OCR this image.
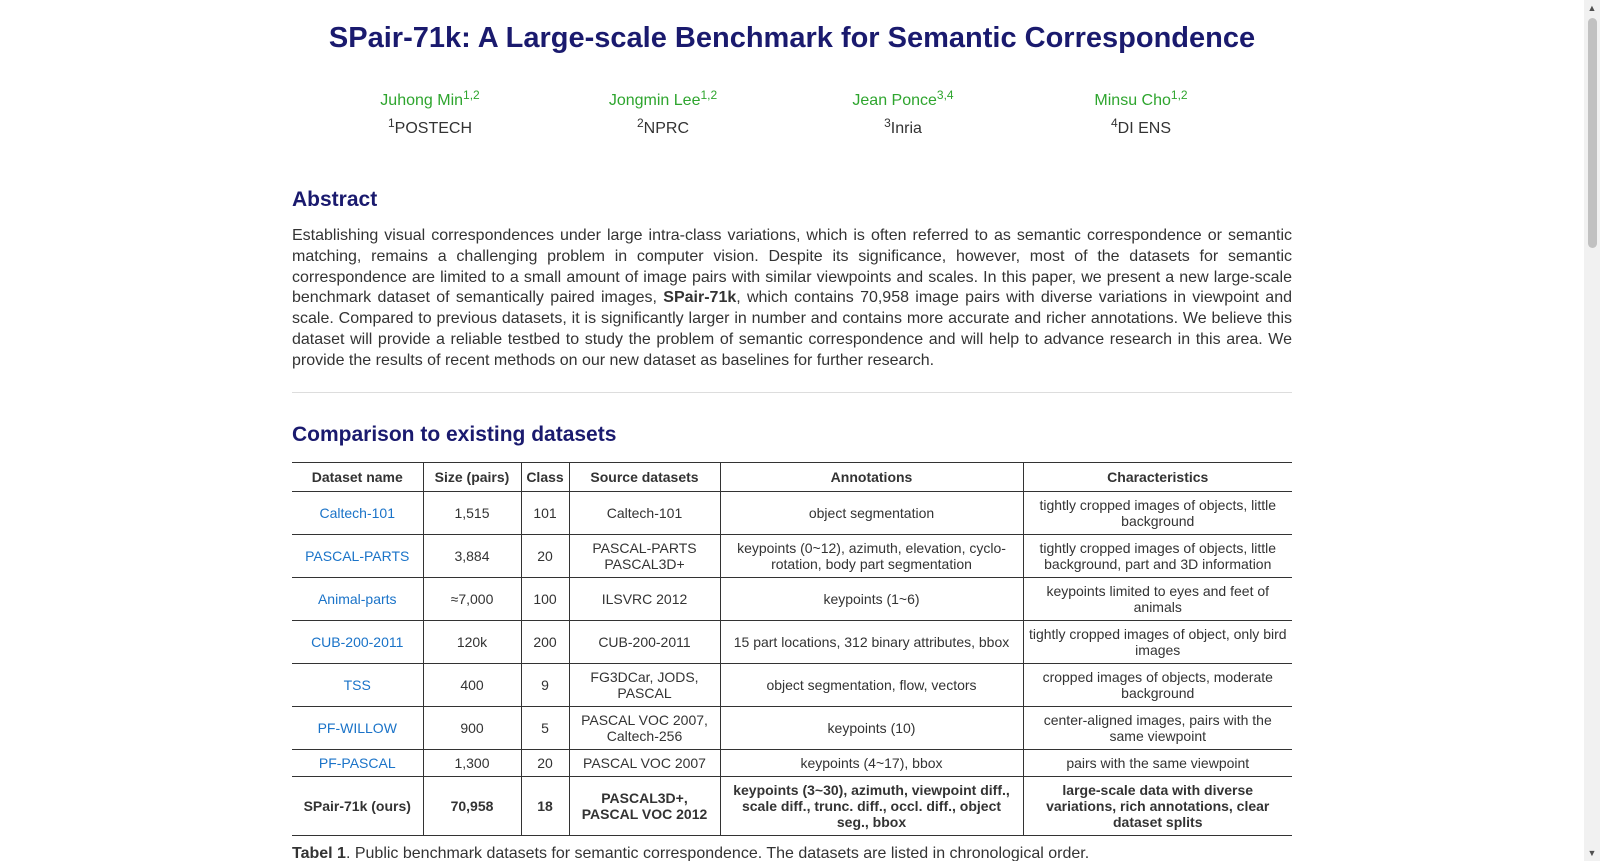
SPair-71k: A Large-scale Benchmark for Semantic Correspondence
Juhong Min$^{1,2}$
$^1$POSTECH
Jongmin Lee$^{1,2}$
$^2$NPRC
Jean Ponce$^{3,4}$
$^3$Inria
Minsu Cho$^{1,2}$
$^4$DI ENS
Abstract

Establishing visual correspondences under large intra-class variations, which is often referred to as semantic correspondence or semantic matching, remains a challenging problem in computer vision. Despite its significance, however, most of the datasets for semantic correspondence are limited to a small amount of image pairs with similar viewpoints and scales. In this paper, we present a new large-scale benchmark dataset of semantically paired images, SPair-71k, which contains 70,958 image pairs with diverse variations in viewpoint and scale. Compared to previous datasets, it is significantly larger in number and contains more accurate and richer annotations. We believe this dataset will provide a reliable testbed to study the problem of semantic correspondence and will help to advance research in this area. We provide the results of recent methods on our new dataset as baselines for further research.

Comparison to existing datasets
Dataset name	Size (pairs)	Class	Source datasets	Annotations	Characteristics
Caltech-101	1,515	101	Caltech-101	object segmentation	tightly cropped images of objects, little background
PASCAL-PARTS	3,884	20	PASCAL-PARTS PASCAL3D+	keypoints (0~12), azimuth, elevation, cyclo-rotation, body part segmentation	tightly cropped images of objects, little background, part and 3D information
Animal-parts	≈7,000	100	ILSVRC 2012	keypoints (1~6)	keypoints limited to eyes and feet of animals
CUB-200-2011	120k	200	CUB-200-2011	15 part locations, 312 binary attributes, bbox	tightly cropped images of object, only bird images
TSS	400	9	FG3DCar, JODS, PASCAL	object segmentation, flow, vectors	cropped images of objects, moderate background
PF-WILLOW	900	5	PASCAL VOC 2007, Caltech-256	keypoints (10)	center-aligned images, pairs with the same viewpoint
PF-PASCAL	1,300	20	PASCAL VOC 2007	keypoints (4~17), bbox	pairs with the same viewpoint
SPair-71k (ours)	70,958	18	PASCAL3D+, PASCAL VOC 2012	keypoints (3~30), azimuth, viewpoint diff., scale diff., trunc. diff., occl. diff., object seg., bbox	large-scale data with diverse variations, rich annotations, clear dataset splits
Tabel 1. Public benchmark datasets for semantic correspondence. The datasets are listed in chronological order.
▲
▼
